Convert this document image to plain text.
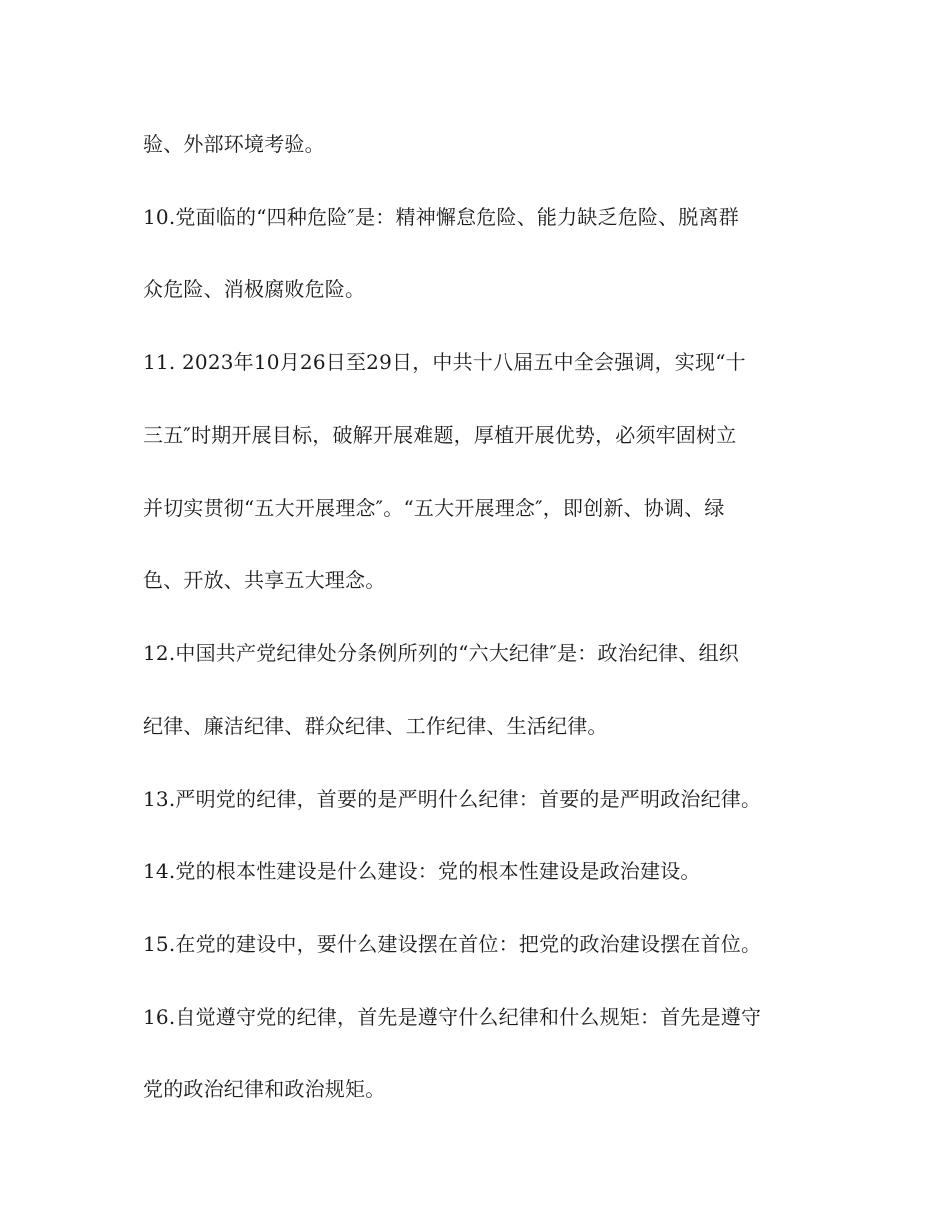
验、外部环境考验。
10.党面临的“四种危险″是：精神懈怠危险、能力缺乏危险、脱离群
众危险、消极腐败危险。
11. 2023年10月26日至29日，中共十八届五中全会强调，实现“十
三五″时期开展目标，破解开展难题，厚植开展优势，必须牢固树立
并切实贯彻“五大开展理念″。“五大开展理念″，即创新、协调、绿
色、开放、共享五大理念。
12.中国共产党纪律处分条例所列的“六大纪律″是：政治纪律、组织
纪律、廉洁纪律、群众纪律、工作纪律、生活纪律。
13.严明党的纪律，首要的是严明什么纪律：首要的是严明政治纪律。
14.党的根本性建设是什么建设：党的根本性建设是政治建设。
15.在党的建设中，要什么建设摆在首位：把党的政治建设摆在首位。
16.自觉遵守党的纪律，首先是遵守什么纪律和什么规矩：首先是遵守
党的政治纪律和政治规矩。
